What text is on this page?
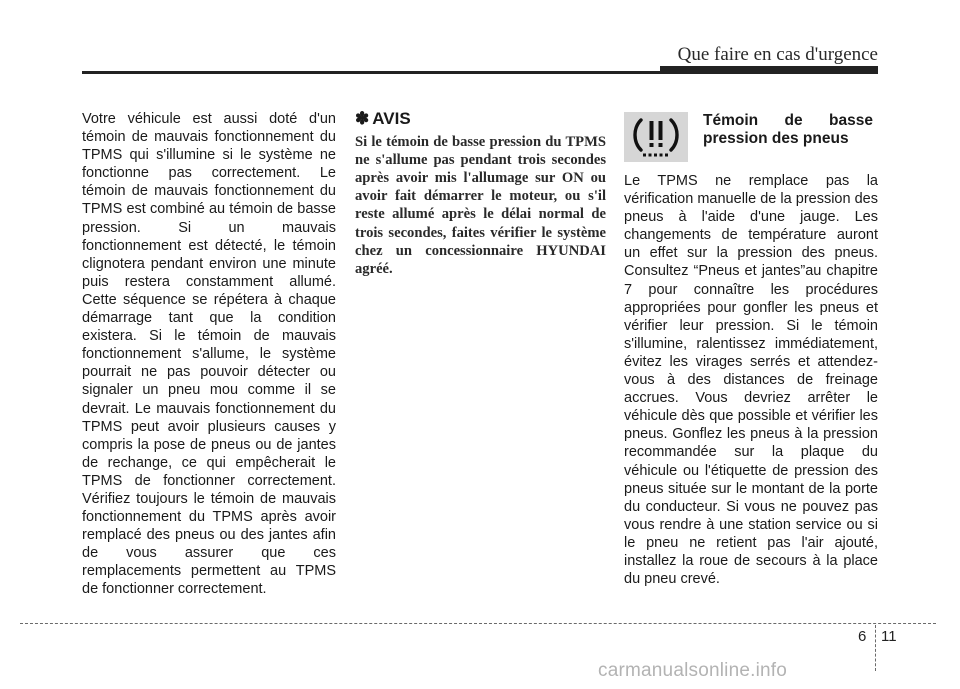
Que faire en cas d'urgence
Votre véhicule est aussi doté d'un témoin de mauvais fonctionnement du TPMS qui s'illumine si le système ne fonctionne pas correctement. Le témoin de mauvais fonctionnement du TPMS est combiné au témoin de basse pression. Si un mauvais fonctionnement est détecté, le témoin clignotera pendant environ une minute puis restera constamment allumé. Cette séquence se répétera à chaque démarrage tant que la condition existera. Si le témoin de mauvais fonctionnement s'allume, le système pourrait ne pas pouvoir détecter ou signaler un pneu mou comme il se devrait. Le mauvais fonctionnement du TPMS peut avoir plusieurs causes y compris la pose de pneus ou de jantes de rechange, ce qui empêcherait le TPMS de fonctionner correctement. Vérifiez toujours le témoin de mauvais fonctionnement du TPMS après avoir remplacé des pneus ou des jantes afin de vous assurer que ces remplacements permettent au TPMS de fonctionner correctement.
✽ AVIS
Si le témoin de basse pression du TPMS ne s'allume pas pendant trois secondes après avoir mis l'allumage sur ON ou avoir fait démarrer le moteur, ou s'il reste allumé après le délai normal de trois secondes, faites vérifier le système chez un concessionnaire HYUNDAI agréé.
Témoin de basse pression des pneus
Le TPMS ne remplace pas la vérification manuelle de la pression des pneus à l'aide d'une jauge. Les changements de température auront un effet sur la pression des pneus. Consultez “Pneus et jantes”au chapitre 7 pour connaître les procédures appropriées pour gonfler les pneus et vérifier leur pression. Si le témoin s'illumine, ralentissez immédiatement, évitez les virages serrés et attendez-vous à des distances de freinage accrues. Vous devriez arrêter le véhicule dès que possible et vérifier les pneus. Gonflez les pneus à la pression recommandée sur la plaque du véhicule ou l'étiquette de pression des pneus située sur le montant de la porte du conducteur. Si vous ne pouvez pas vous rendre à une station service ou si le pneu ne retient pas l'air ajouté, installez la roue de secours à la place du pneu crevé.
6 11
carmanualsonline.info
